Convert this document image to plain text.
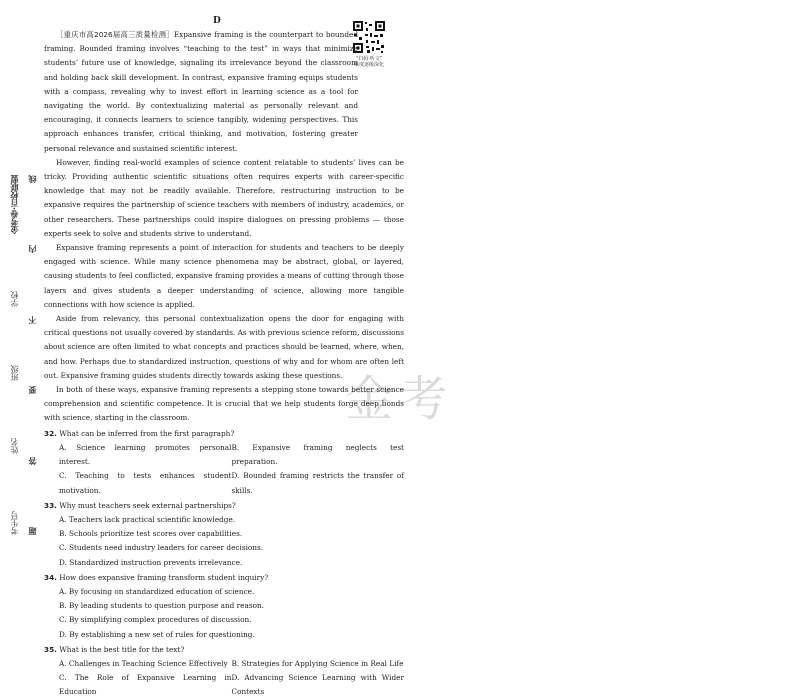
金考卷·百校联盟
学校
班级
姓名
考生号
线
内
不
要
答
题
D
“扫码·听文”
难度逐级深化
金考

［重庆市高2026届高三质量检测］Expansive framing is the counterpart to bounded framing. Bounded framing involves “teaching to the test” in ways that minimize students’ future use of knowledge, signaling its irrelevance beyond the classroom and holding back skill development. In contrast, expansive framing equips students with a compass, revealing why to invest effort in learning science as a tool for navigating the world. By contextualizing material as personally relevant and encouraging, it connects learners to science tangibly, widening perspectives. This approach enhances transfer, critical thinking, and motivation, fostering greater personal relevance and sustained scientific interest.

However, finding real-world examples of science content relatable to students’ lives can be tricky. Providing authentic scientific situations often requires experts with career-specific knowledge that may not be readily available. Therefore, restructuring instruction to be expansive requires the partnership of science teachers with members of industry, academics, or other researchers. These partnerships could inspire dialogues on pressing problems — those experts seek to solve and students strive to understand.

Expansive framing represents a point of interaction for students and teachers to be deeply engaged with science. While many science phenomena may be abstract, global, or layered, causing students to feel conflicted, expansive framing provides a means of cutting through those layers and gives students a deeper understanding of science, allowing more tangible connections with how science is applied.

Aside from relevancy, this personal contextualization opens the door for engaging with critical questions not usually covered by standards. As with previous science reform, discussions about science are often limited to what concepts and practices should be learned, where, when, and how. Perhaps due to standardized instruction, questions of why and for whom are often left out. Expansive framing guides students directly towards asking these questions.

In both of these ways, expansive framing represents a stepping stone towards better science comprehension and scientific competence. It is crucial that we help students forge deep bonds with science, starting in the classroom.

32. What can be inferred from the first paragraph?
A. Science learning promotes personal interest.
B. Expansive framing neglects test preparation.
C. Teaching to tests enhances student motivation.
D. Bounded framing restricts the transfer of skills.
33. Why must teachers seek external partnerships?
A. Teachers lack practical scientific knowledge.
B. Schools prioritize test scores over capabilities.
C. Students need industry leaders for career decisions.
D. Standardized instruction prevents irrelevance.
34. How does expansive framing transform student inquiry?
A. By focusing on standardized education of science.
B. By leading students to question purpose and reason.
C. By simplifying complex procedures of discussion.
D. By establishing a new set of rules for questioning.
35. What is the best title for the text?
A. Challenges in Teaching Science Effectively B. Strategies for Applying Science in Real Life
C. The Role of Expansive Learning in Education
D. Advancing Science Learning with Wider Contexts
